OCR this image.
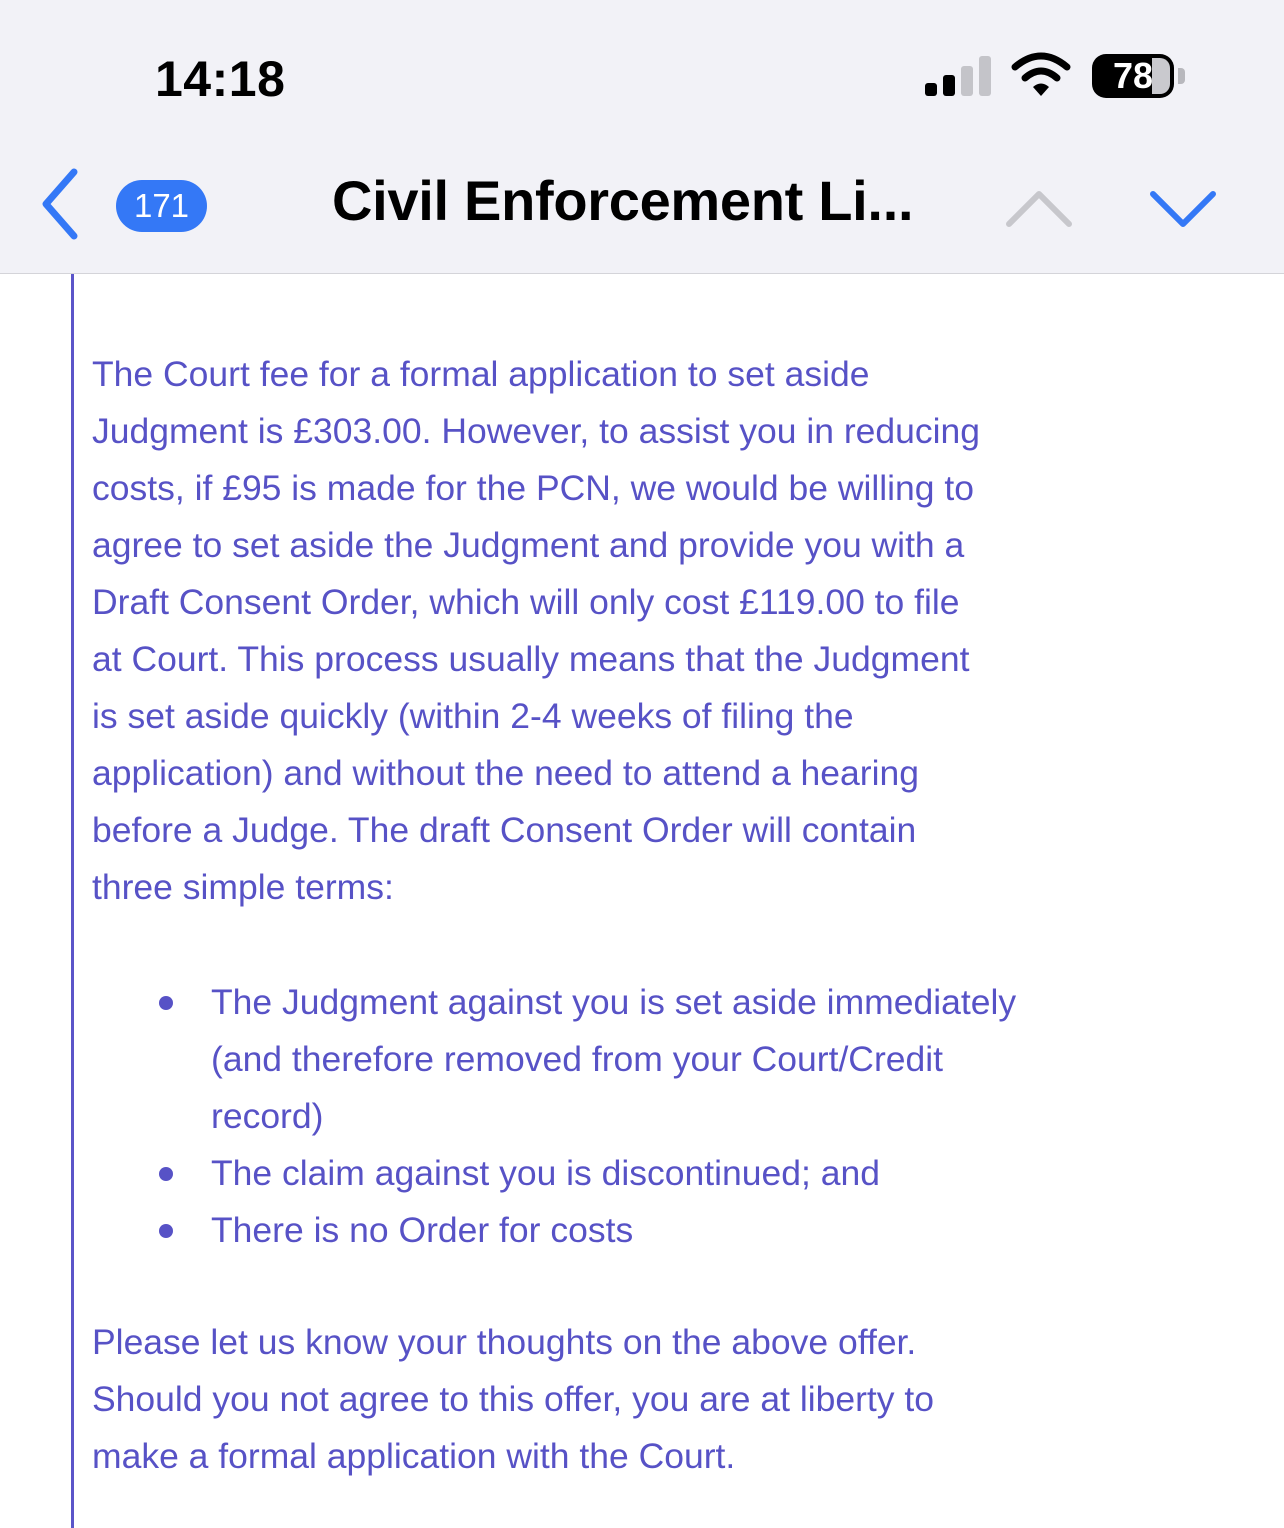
The Court fee for a formal application to set aside
Judgment is £303.00. However, to assist you in reducing
costs, if £95 is made for the PCN, we would be willing to
agree to set aside the Judgment and provide you with a
Draft Consent Order, which will only cost £119.00 to file
at Court. This process usually means that the Judgment
is set aside quickly (within 2-4 weeks of filing the
application) and without the need to attend a hearing
before a Judge. The draft Consent Order will contain
three simple terms:

The Judgment against you is set aside immediately
(and therefore removed from your Court/Credit
record)
The claim against you is discontinued; and
There is no Order for costs

Please let us know your thoughts on the above offer.
Should you not agree to this offer, you are at liberty to
make a formal application with the Court.

14:18	78
171	Civil Enforcement Li...
